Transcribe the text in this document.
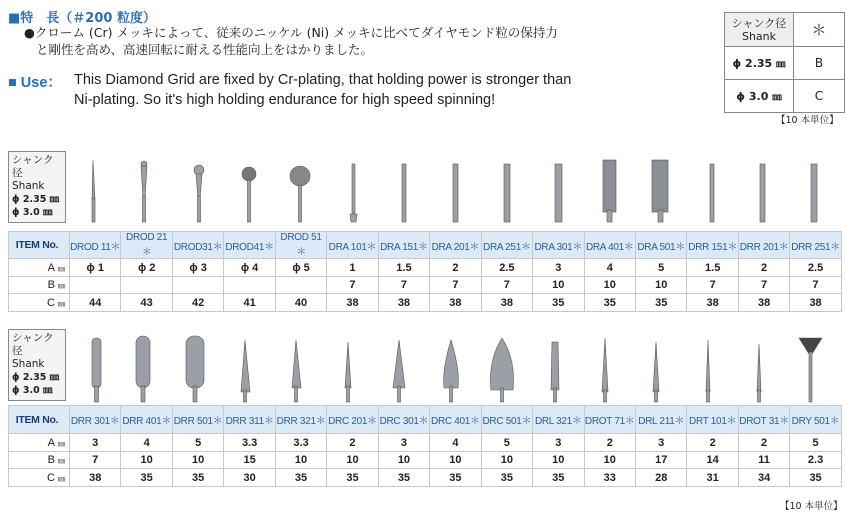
■特　長（＃200 粒度）
●クローム (Cr) メッキによって、従来のニッケル (Ni) メッキに比べてダイヤモンド粒の保持力
と剛性を高め、高速回転に耐える性能向上をはかりました。
■ Use： This Diamond Grid are fixed by Cr-plating, that holding power is stronger than
Ni-plating. So it's high holding endurance for high speed spinning!
シャンク径
Shank	＊
ϕ 2.35 ㎜	B
ϕ 3.0 ㎜	C
【10 本単位】
シャンク径
Shank
ϕ 2.35 ㎜
ϕ 3.0 ㎜
ITEM No.	DROD 11＊	DROD 21＊	DROD31＊	DROD41＊	DROD 51＊	DRA 101＊	DRA 151＊	DRA 201＊	DRA 251＊	DRA 301＊	DRA 401＊	DRA 501＊	DRR 151＊	DRR 201＊	DRR 251＊
A ㎜	ϕ 1	ϕ 2	ϕ 3	ϕ 4	ϕ 5	1	1.5	2	2.5	3	4	5	1.5	2	2.5
B ㎜						7	7	7	7	10	10	10	7	7	7
C ㎜	44	43	42	41	40	38	38	38	38	35	35	35	38	38	38
シャンク径
Shank
ϕ 2.35 ㎜
ϕ 3.0 ㎜
ITEM No.	DRR 301＊	DRR 401＊	DRR 501＊	DRR 311＊	DRR 321＊	DRC 201＊	DRC 301＊	DRC 401＊	DRC 501＊	DRL 321＊	DROT 71＊	DRL 211＊	DRT 101＊	DROT 31＊	DRY 501＊
A ㎜	3	4	5	3.3	3.3	2	3	4	5	3	2	3	2	2	5
B ㎜	7	10	10	15	10	10	10	10	10	10	10	17	14	11	2.3
C ㎜	38	35	35	30	35	35	35	35	35	35	33	28	31	34	35
【10 本単位】
